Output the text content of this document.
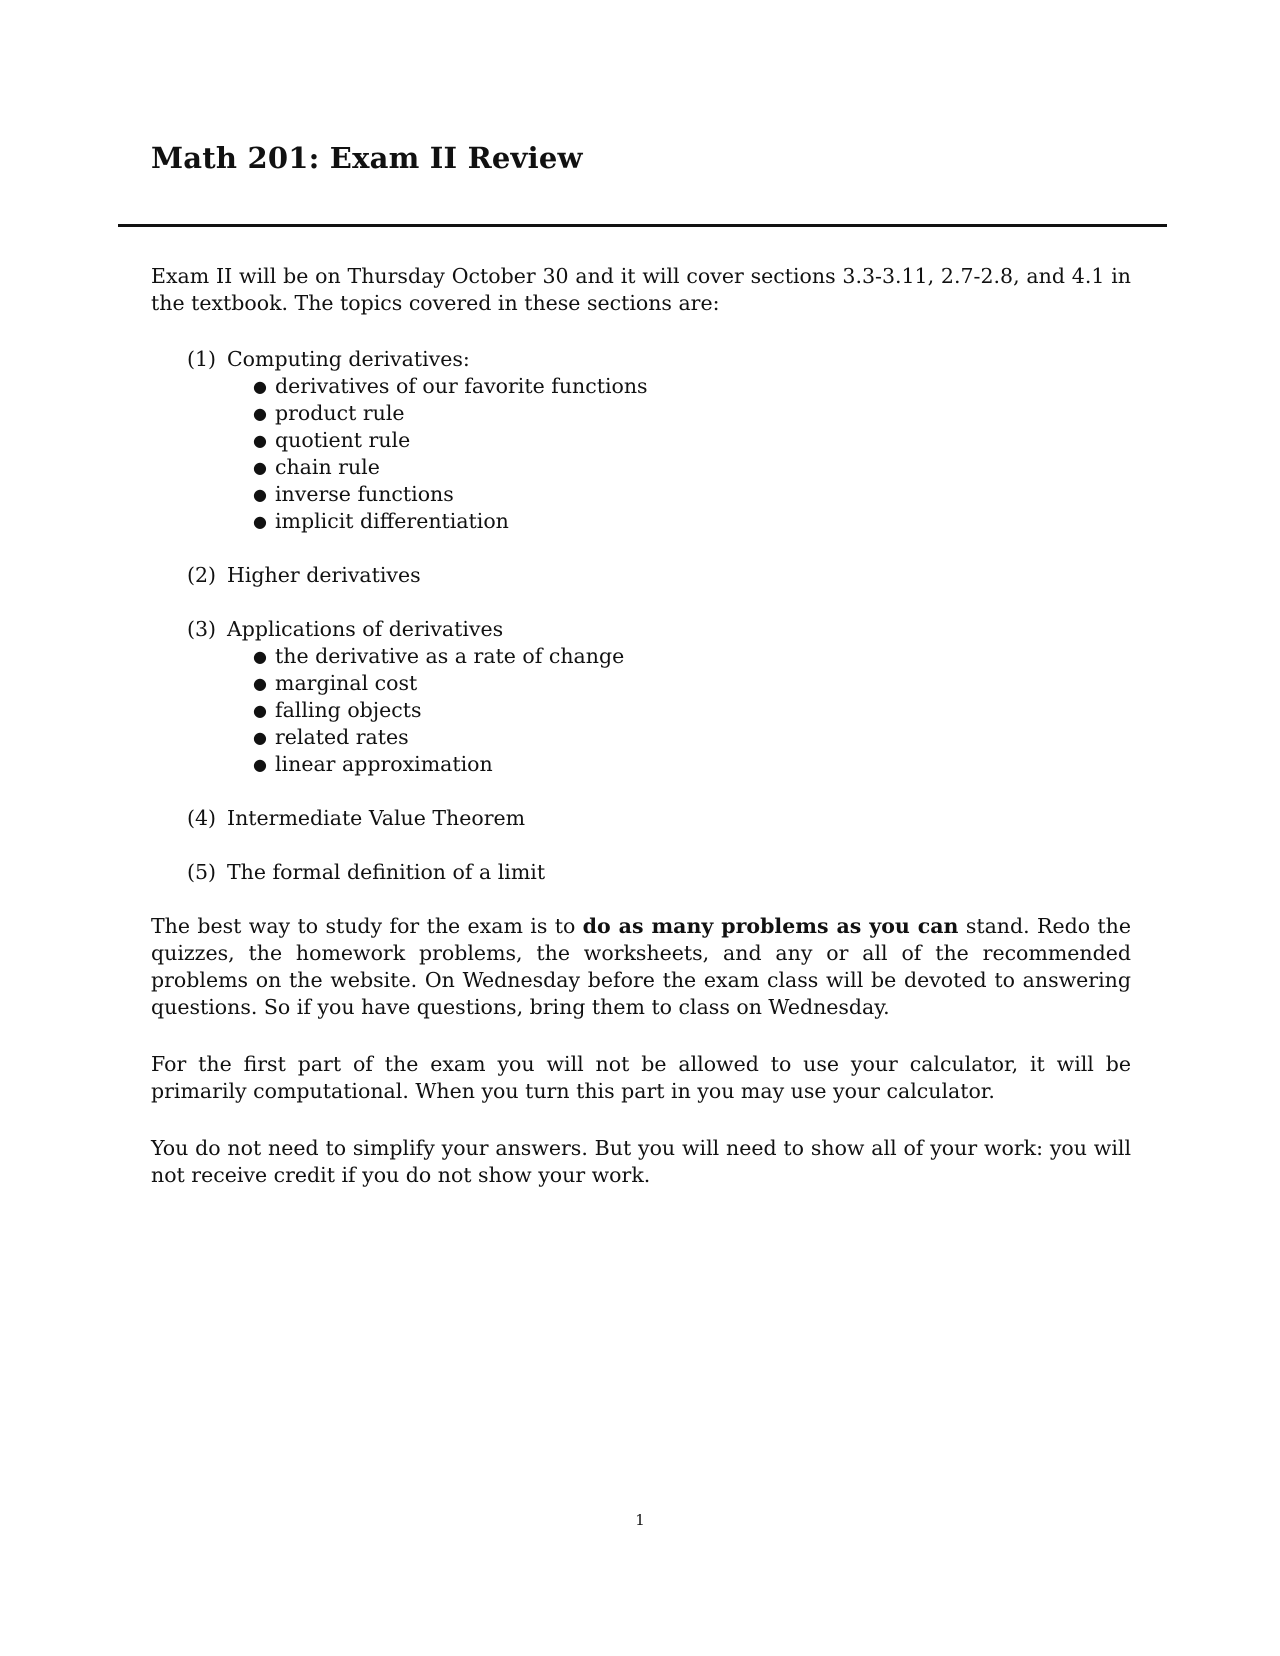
Math 201: Exam II Review

Exam II will be on Thursday October 30 and it will cover sections 3.3-3.11, 2.7-2.8, and 4.1 in the textbook. The topics covered in these sections are:

(1) Computing derivatives:
● derivatives of our favorite functions
● product rule
● quotient rule
● chain rule
● inverse functions
● implicit differentiation
(2) Higher derivatives
(3) Applications of derivatives
● the derivative as a rate of change
● marginal cost
● falling objects
● related rates
● linear approximation
(4) Intermediate Value Theorem
(5) The formal definition of a limit

The best way to study for the exam is to do as many problems as you can stand. Redo the quizzes, the homework problems, the worksheets, and any or all of the recommended problems on the website. On Wednesday before the exam class will be devoted to answering questions. So if you have questions, bring them to class on Wednesday.

For the first part of the exam you will not be allowed to use your calculator, it will be primarily computational. When you turn this part in you may use your calculator.

You do not need to simplify your answers. But you will need to show all of your work: you will not receive credit if you do not show your work.

1
